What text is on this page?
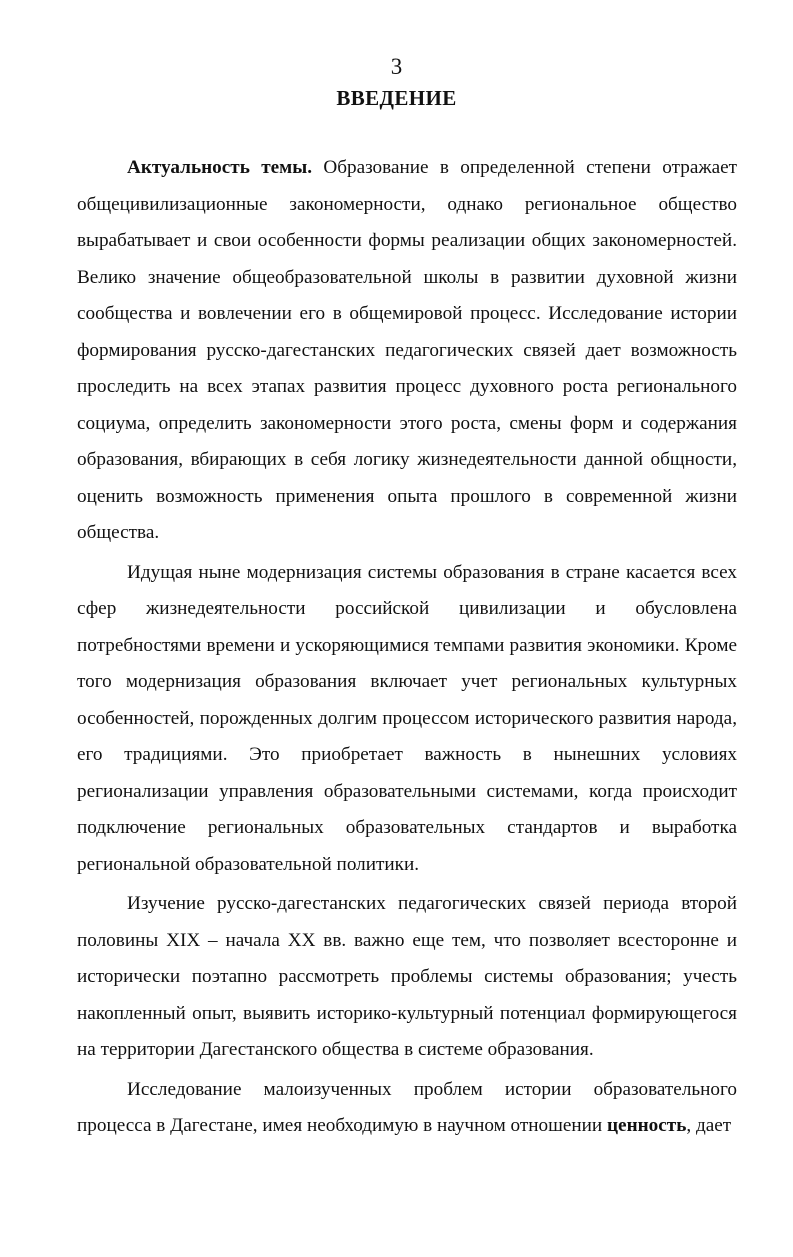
3
ВВЕДЕНИЕ

Актуальность темы. Образование в определенной степени отражает общецивилизационные закономерности, однако региональное общество вырабатывает и свои особенности формы реализации общих закономерностей. Велико значение общеобразовательной школы в развитии духовной жизни сообщества и вовлечении его в общемировой процесс. Исследование истории формирования русско-дагестанских педагогических связей дает возможность проследить на всех этапах развития процесс духовного роста регионального социума, определить закономерности этого роста, смены форм и содержания образования, вбирающих в себя логику жизнедеятельности данной общности, оценить возможность применения опыта прошлого в современной жизни общества.

Идущая ныне модернизация системы образования в стране касается всех сфер жизнедеятельности российской цивилизации и обусловлена потребностями времени и ускоряющимися темпами развития экономики. Кроме того модернизация образования включает учет региональных культурных особенностей, порожденных долгим процессом исторического развития народа, его традициями. Это приобретает важность в нынешних условиях регионализации управления образовательными системами, когда происходит подключение региональных образовательных стандартов и выработка региональной образовательной политики.

Изучение русско-дагестанских педагогических связей периода второй половины XIX – начала XX вв. важно еще тем, что позволяет всесторонне и исторически поэтапно рассмотреть проблемы системы образования; учесть накопленный опыт, выявить историко-культурный потенциал формирующегося на территории Дагестанского общества в системе образования.

Исследование малоизученных проблем истории образовательного процесса в Дагестане, имея необходимую в научном отношении ценность, дает
